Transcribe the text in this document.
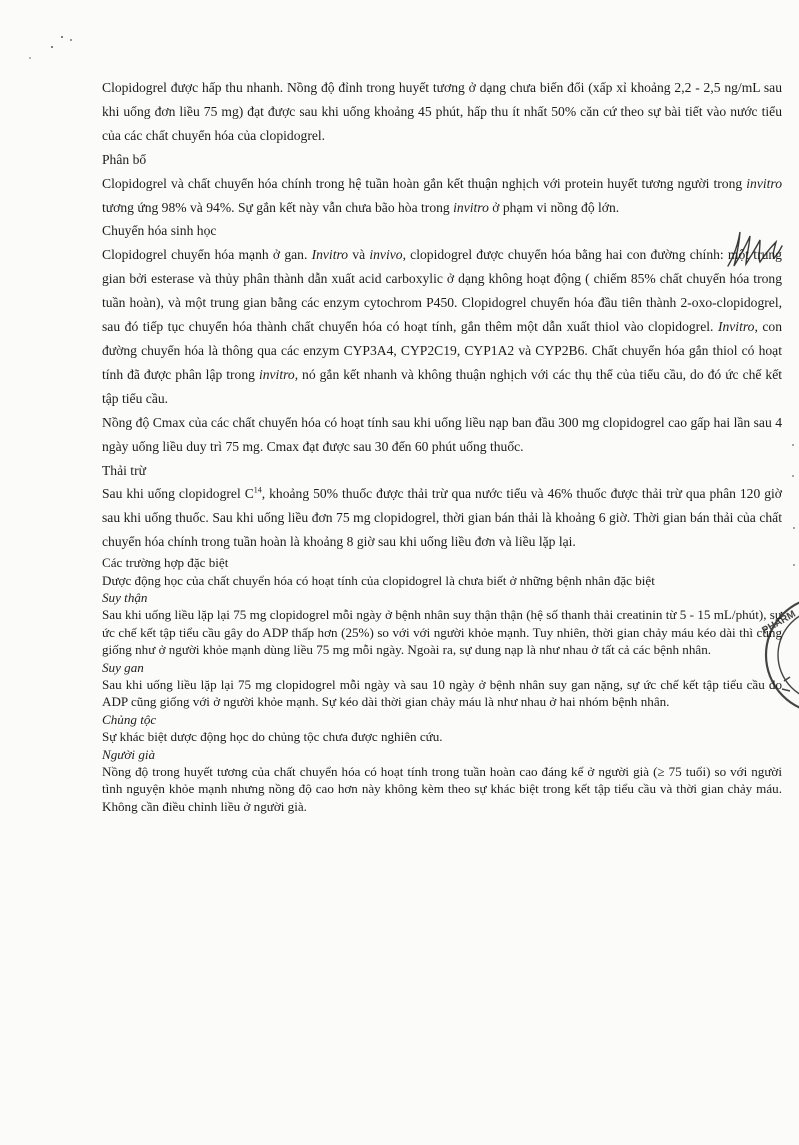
PHARM

Clopidogrel được hấp thu nhanh. Nồng độ đỉnh trong huyết tương ở dạng chưa biến đổi (xấp xỉ khoảng 2,2 - 2,5 ng/mL sau khi uống đơn liều 75 mg) đạt được sau khi uống khoảng 45 phút, hấp thu ít nhất 50% căn cứ theo sự bài tiết vào nước tiểu của các chất chuyển hóa của clopidogrel.

Phân bố

Clopidogrel và chất chuyển hóa chính trong hệ tuần hoàn gắn kết thuận nghịch với protein huyết tương người trong invitro tương ứng 98% và 94%. Sự gắn kết này vẫn chưa bão hòa trong invitro ở phạm vi nồng độ lớn.

Chuyển hóa sinh học

Clopidogrel chuyển hóa mạnh ở gan. Invitro và invivo, clopidogrel được chuyển hóa bằng hai con đường chính: một trung gian bởi esterase và thủy phân thành dẫn xuất acid carboxylic ở dạng không hoạt động ( chiếm 85% chất chuyển hóa trong tuần hoàn), và một trung gian bằng các enzym cytochrom P450. Clopidogrel chuyển hóa đầu tiên thành 2-oxo-clopidogrel, sau đó tiếp tục chuyển hóa thành chất chuyển hóa có hoạt tính, gắn thêm một dẫn xuất thiol vào clopidogrel. Invitro, con đường chuyển hóa là thông qua các enzym CYP3A4, CYP2C19, CYP1A2 và CYP2B6. Chất chuyển hóa gắn thiol có hoạt tính đã được phân lập trong invitro, nó gắn kết nhanh và không thuận nghịch với các thụ thể của tiểu cầu, do đó ức chế kết tập tiểu cầu.

Nồng độ Cmax của các chất chuyển hóa có hoạt tính sau khi uống liều nạp ban đầu 300 mg clopidogrel cao gấp hai lần sau 4 ngày uống liều duy trì 75 mg. Cmax đạt được sau 30 đến 60 phút uống thuốc.

Thải trừ

Sau khi uống clopidogrel $C^{14}$, khoảng 50% thuốc được thải trừ qua nước tiểu và 46% thuốc được thải trừ qua phân 120 giờ sau khi uống thuốc. Sau khi uống liều đơn 75 mg clopidogrel, thời gian bán thải là khoảng 6 giờ. Thời gian bán thải của chất chuyển hóa chính trong tuần hoàn là khoảng 8 giờ sau khi uống liều đơn và liều lặp lại.

Các trường hợp đặc biệt

Dược động học của chất chuyển hóa có hoạt tính của clopidogrel là chưa biết ở những bệnh nhân đặc biệt

Suy thận

Sau khi uống liều lặp lại 75 mg clopidogrel mỗi ngày ở bệnh nhân suy thận thận (hệ số thanh thải creatinin từ 5 - 15 mL/phút), sự ức chế kết tập tiểu cầu gây do ADP thấp hơn (25%) so với với người khỏe mạnh. Tuy nhiên, thời gian chảy máu kéo dài thì cũng giống như ở người khỏe mạnh dùng liều 75 mg mỗi ngày. Ngoài ra, sự dung nạp là như nhau ở tất cả các bệnh nhân.

Suy gan

Sau khi uống liều lặp lại 75 mg clopidogrel mỗi ngày và sau 10 ngày ở bệnh nhân suy gan nặng, sự ức chế kết tập tiểu cầu do ADP cũng giống với ở người khỏe mạnh. Sự kéo dài thời gian chảy máu là như nhau ở hai nhóm bệnh nhân.

Chủng tộc

Sự khác biệt dược động học do chủng tộc chưa được nghiên cứu.

Người già

Nồng độ trong huyết tương của chất chuyển hóa có hoạt tính trong tuần hoàn cao đáng kể ở người già (≥ 75 tuổi) so với người tình nguyện khỏe mạnh nhưng nồng độ cao hơn này không kèm theo sự khác biệt trong kết tập tiểu cầu và thời gian chảy máu. Không cần điều chỉnh liều ở người già.
